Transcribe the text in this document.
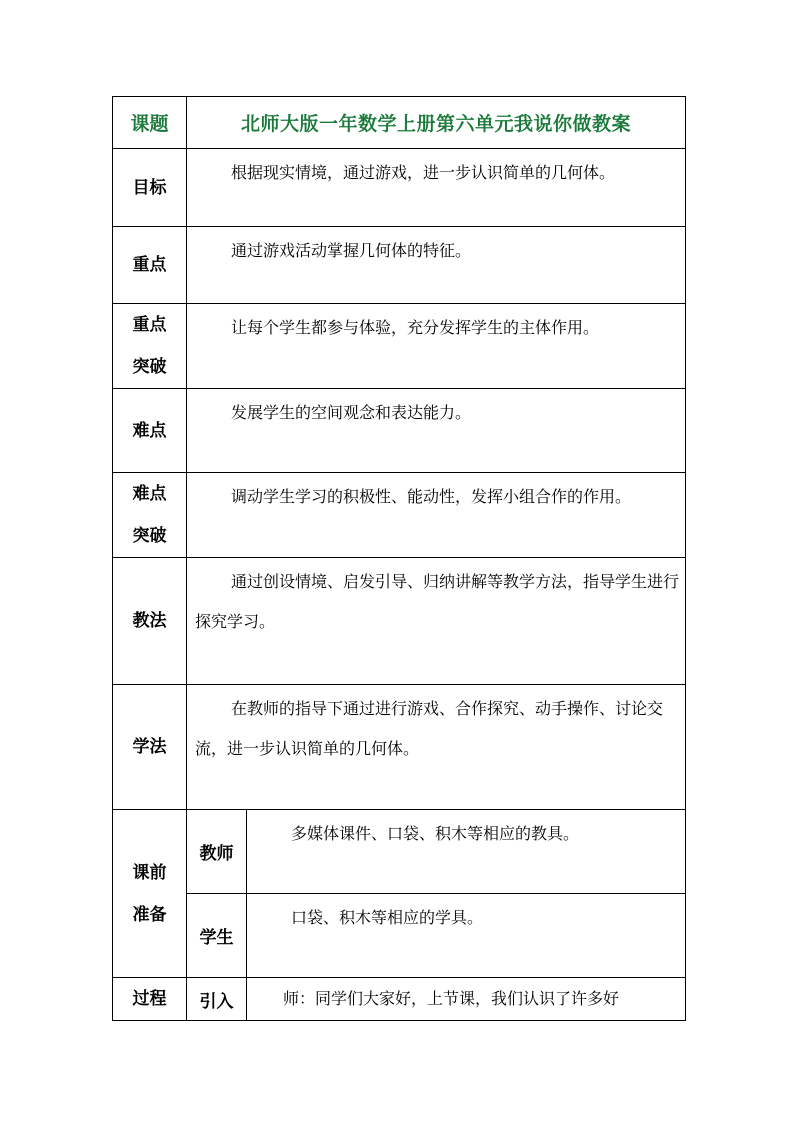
课题	北师大版一年数学上册第六单元我说你做教案	
目标	根据现实情境，通过游戏，进一步认识简单的几何体。	

重点	通过游戏活动掌握几何体的特征。	

重点
突破	让每个学生都参与体验，充分发挥学生的主体作用。	

难点	发展学生的空间观念和表达能力。	

难点
突破	调动学生学习的积极性、能动性，发挥小组合作的作用。	

教法	通过创设情境、启发引导、归纳讲解等教学方法，指导学生进行探究学习。	

学法	在教师的指导下通过进行游戏、合作探究、动手操作、讨论交流，进一步认识简单的几何体。	

课前
准备	教师	多媒体课件、口袋、积木等相应的教具。

	学生	口袋、积木等相应的学具。

过程	引入	师：同学们大家好，上节课，我们认识了许多好
